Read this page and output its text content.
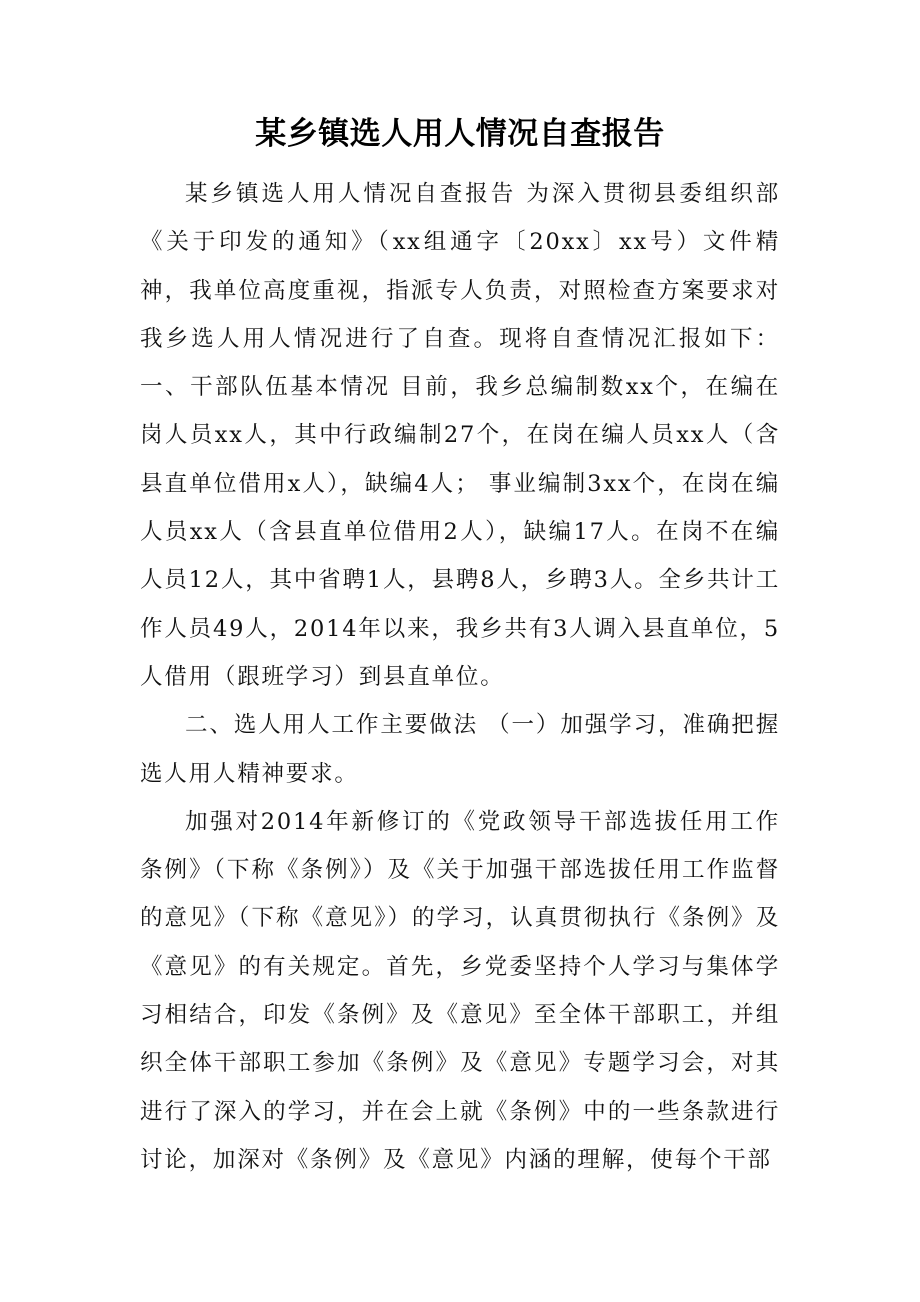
某乡镇选人用人情况自查报告

某乡镇选人用人情况自查报告 为深入贯彻县委组织部《关于印发的通知》（xx组通字〔20xx〕xx号）文件精神，我单位高度重视，指派专人负责，对照检查方案要求对我乡选人用人情况进行了自查。现将自查情况汇报如下： 一、干部队伍基本情况 目前，我乡总编制数xx个，在编在岗人员xx人，其中行政编制27个，在岗在编人员xx人（含县直单位借用x人），缺编4人； 事业编制3xx个，在岗在编人员xx人（含县直单位借用2人），缺编17人。在岗不在编人员12人，其中省聘1人，县聘8人，乡聘3人。全乡共计工作人员49人，2014年以来，我乡共有3人调入县直单位，5人借用（跟班学习）到县直单位。

二、选人用人工作主要做法 （一）加强学习，准确把握选人用人精神要求。

加强对2014年新修订的《党政领导干部选拔任用工作条例》（下称《条例》）及《关于加强干部选拔任用工作监督的意见》（下称《意见》）的学习，认真贯彻执行《条例》及《意见》的有关规定。首先，乡党委坚持个人学习与集体学习相结合，印发《条例》及《意见》至全体干部职工，并组织全体干部职工参加《条例》及《意见》专题学习会，对其进行了深入的学习，并在会上就《条例》中的一些条款进行讨论，加深对《条例》及《意见》内涵的理解，使每个干部
